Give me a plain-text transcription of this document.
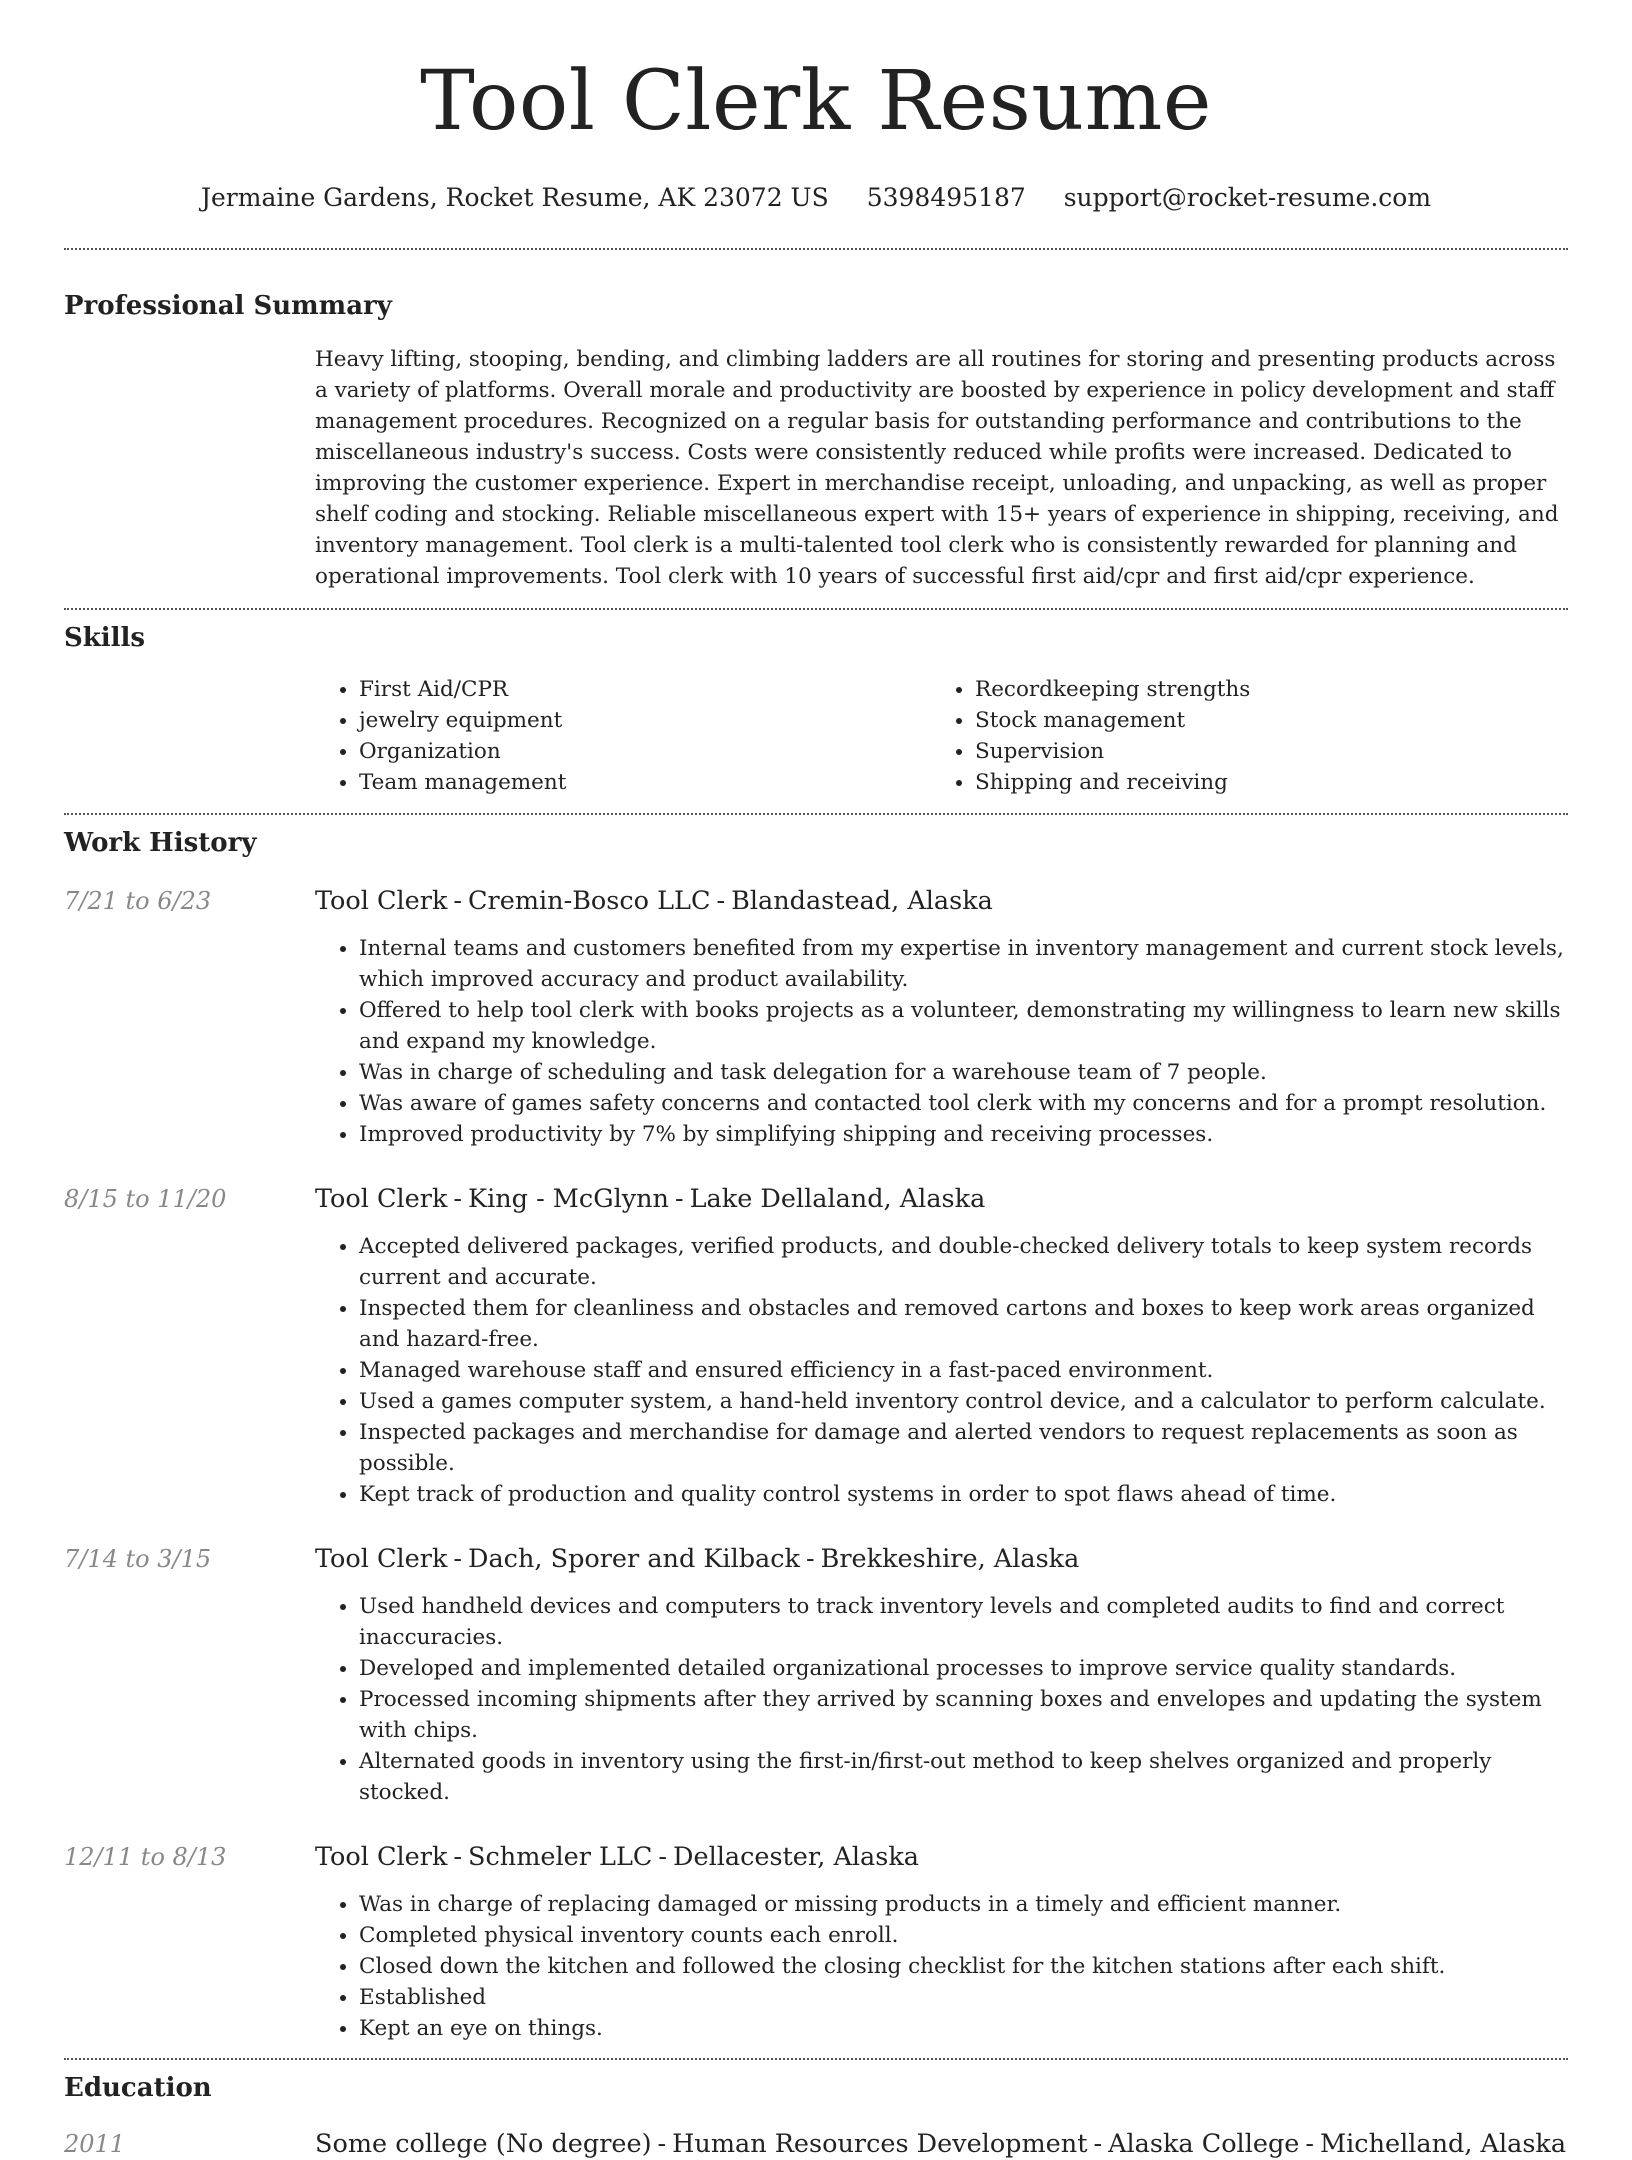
Tool Clerk Resume
Jermaine Gardens, Rocket Resume, AK 23072 US 5398495187 support@rocket-resume.com
Professional Summary

Heavy lifting, stooping, bending, and climbing ladders are all routines for storing and presenting products across a variety of platforms. Overall morale and productivity are boosted by experience in policy development and staff management procedures. Recognized on a regular basis for outstanding performance and contributions to the miscellaneous industry's success. Costs were consistently reduced while profits were increased. Dedicated to improving the customer experience. Expert in merchandise receipt, unloading, and unpacking, as well as proper shelf coding and stocking. Reliable miscellaneous expert with 15+ years of experience in shipping, receiving, and inventory management. Tool clerk is a multi-talented tool clerk who is consistently rewarded for planning and operational improvements. Tool clerk with 10 years of successful first aid/cpr and first aid/cpr experience.

Skills
• First Aid/CPR
• jewelry equipment
• Organization
• Team management
• Recordkeeping strengths
• Stock management
• Supervision
• Shipping and receiving
Work History
7/21 to 6/23	Tool Clerk - Cremin-Bosco LLC - Blandastead, Alaska
• Internal teams and customers benefited from my expertise in inventory management and current stock levels, which improved accuracy and product availability.
• Offered to help tool clerk with books projects as a volunteer, demonstrating my willingness to learn new skills and expand my knowledge.
• Was in charge of scheduling and task delegation for a warehouse team of 7 people.
• Was aware of games safety concerns and contacted tool clerk with my concerns and for a prompt resolution.
• Improved productivity by 7% by simplifying shipping and receiving processes.
8/15 to 11/20	Tool Clerk - King - McGlynn - Lake Dellaland, Alaska
• Accepted delivered packages, verified products, and double-checked delivery totals to keep system records current and accurate.
• Inspected them for cleanliness and obstacles and removed cartons and boxes to keep work areas organized and hazard-free.
• Managed warehouse staff and ensured efficiency in a fast-paced environment.
• Used a games computer system, a hand-held inventory control device, and a calculator to perform calculate.
• Inspected packages and merchandise for damage and alerted vendors to request replacements as soon as possible.
• Kept track of production and quality control systems in order to spot flaws ahead of time.
7/14 to 3/15	Tool Clerk - Dach, Sporer and Kilback - Brekkeshire, Alaska
• Used handheld devices and computers to track inventory levels and completed audits to find and correct inaccuracies.
• Developed and implemented detailed organizational processes to improve service quality standards.
• Processed incoming shipments after they arrived by scanning boxes and envelopes and updating the system with chips.
• Alternated goods in inventory using the first-in/first-out method to keep shelves organized and properly stocked.
12/11 to 8/13	Tool Clerk - Schmeler LLC - Dellacester, Alaska
• Was in charge of replacing damaged or missing products in a timely and efficient manner.
• Completed physical inventory counts each enroll.
• Closed down the kitchen and followed the closing checklist for the kitchen stations after each shift.
• Established
• Kept an eye on things.
Education
2011	Some college (No degree) - Human Resources Development - Alaska College - Michelland, Alaska
